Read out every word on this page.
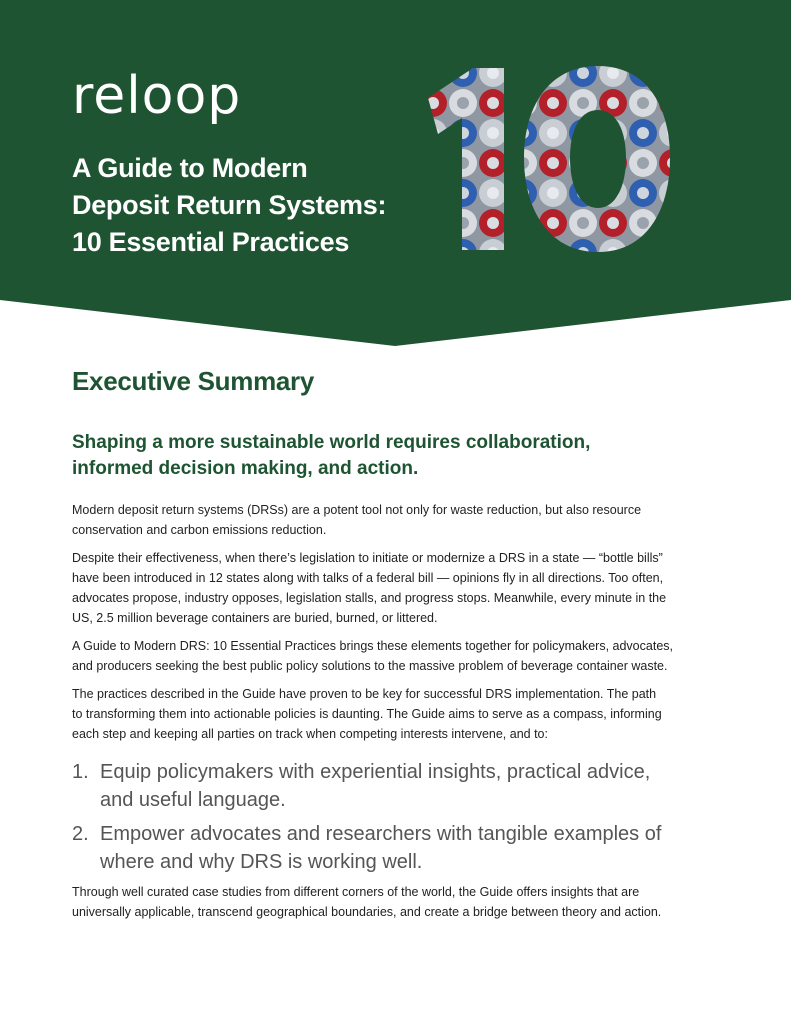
reloop
A Guide to Modern
Deposit Return Systems:
10 Essential Practices
Executive Summary
Shaping a more sustainable world requires collaboration,
informed decision making, and action.
Modern deposit return systems (DRSs) are a potent tool not only for waste reduction, but also resource
conservation and carbon emissions reduction.
Despite their effectiveness, when there’s legislation to initiate or modernize a DRS in a state — “bottle bills”
have been introduced in 12 states along with talks of a federal bill — opinions fly in all directions. Too often,
advocates propose, industry opposes, legislation stalls, and progress stops. Meanwhile, every minute in the
US, 2.5 million beverage containers are buried, burned, or littered.
A Guide to Modern DRS: 10 Essential Practices brings these elements together for policymakers, advocates,
and producers seeking the best public policy solutions to the massive problem of beverage container waste.
The practices described in the Guide have proven to be key for successful DRS implementation. The path
to transforming them into actionable policies is daunting. The Guide aims to serve as a compass, informing
each step and keeping all parties on track when competing interests intervene, and to:
1. Equip policymakers with experiential insights, practical advice,
and useful language.
2. Empower advocates and researchers with tangible examples of
where and why DRS is working well.
Through well curated case studies from different corners of the world, the Guide offers insights that are
universally applicable, transcend geographical boundaries, and create a bridge between theory and action.
